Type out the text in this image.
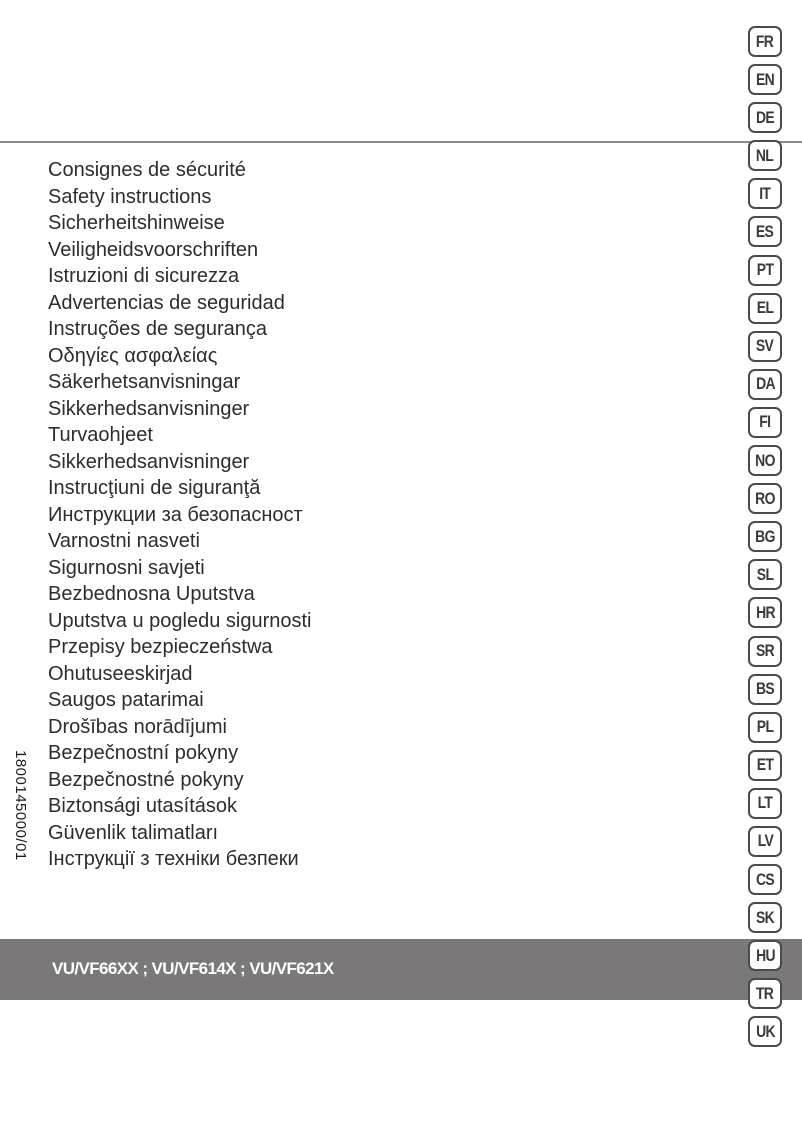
Consignes de sécurité
Safety instructions
Sicherheitshinweise
Veiligheidsvoorschriften
Istruzioni di sicurezza
Advertencias de seguridad
Instruções de segurança
Οδηγίες ασφαλείας
Säkerhetsanvisningar
Sikkerhedsanvisninger
Turvaohjeet
Sikkerhedsanvisninger
Instrucţiuni de siguranţă
Инструкции за безопасност
Varnostni nasveti
Sigurnosni savjeti
Bezbednosna Uputstva
Uputstva u pogledu sigurnosti
Przepisy bezpieczeństwa
Ohutuseeskirjad
Saugos patarimai
Drošības norādījumi
Bezpečnostní pokyny
Bezpečnostné pokyny
Biztonsági utasítások
Güvenlik talimatları
Інструкції з техніки безпеки
1800145000/01
VU/VF66XX ; VU/VF614X ; VU/VF621X
FR
EN
DE
NL
IT
ES
PT
EL
SV
DA
FI
NO
RO
BG
SL
HR
SR
BS
PL
ET
LT
LV
CS
SK
HU
TR
UK
